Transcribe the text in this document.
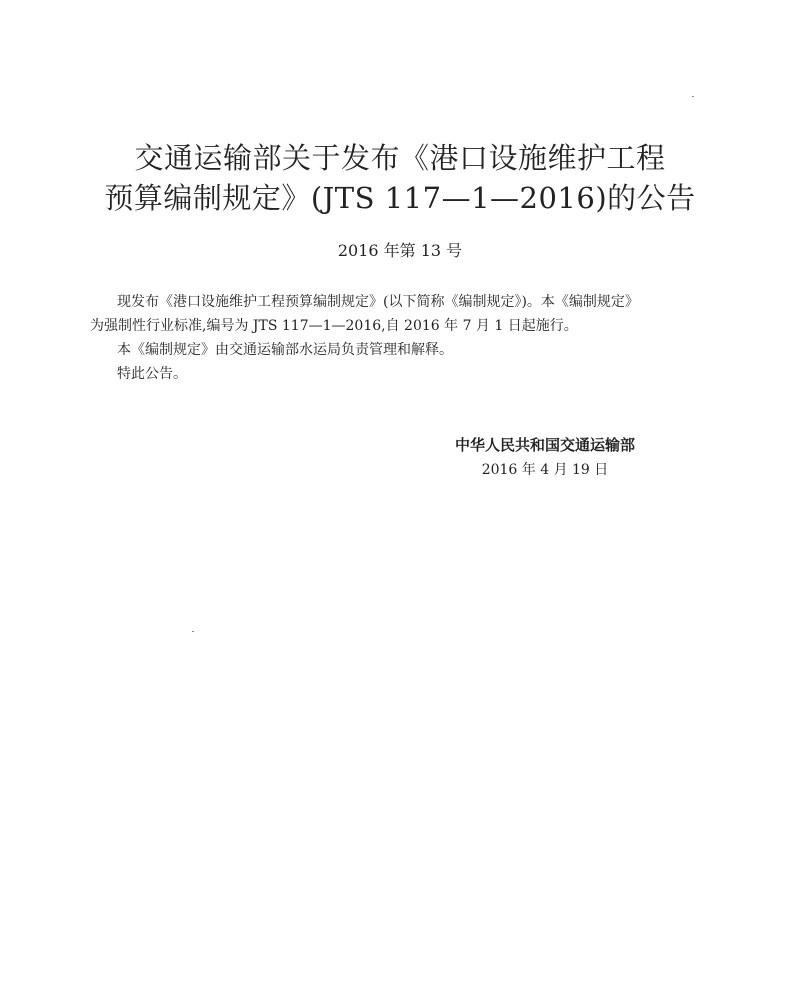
交通运输部关于发布《港口设施维护工程
预算编制规定》(JTS 117—1—2016)的公告
2016 年第 13 号
现发布《港口设施维护工程预算编制规定》(以下简称《编制规定》)。本《编制规定》
为强制性行业标准,编号为 JTS 117—1—2016,自 2016 年 7 月 1 日起施行。
本《编制规定》由交通运输部水运局负责管理和解释。
特此公告。
中华人民共和国交通运输部
2016 年 4 月 19 日
